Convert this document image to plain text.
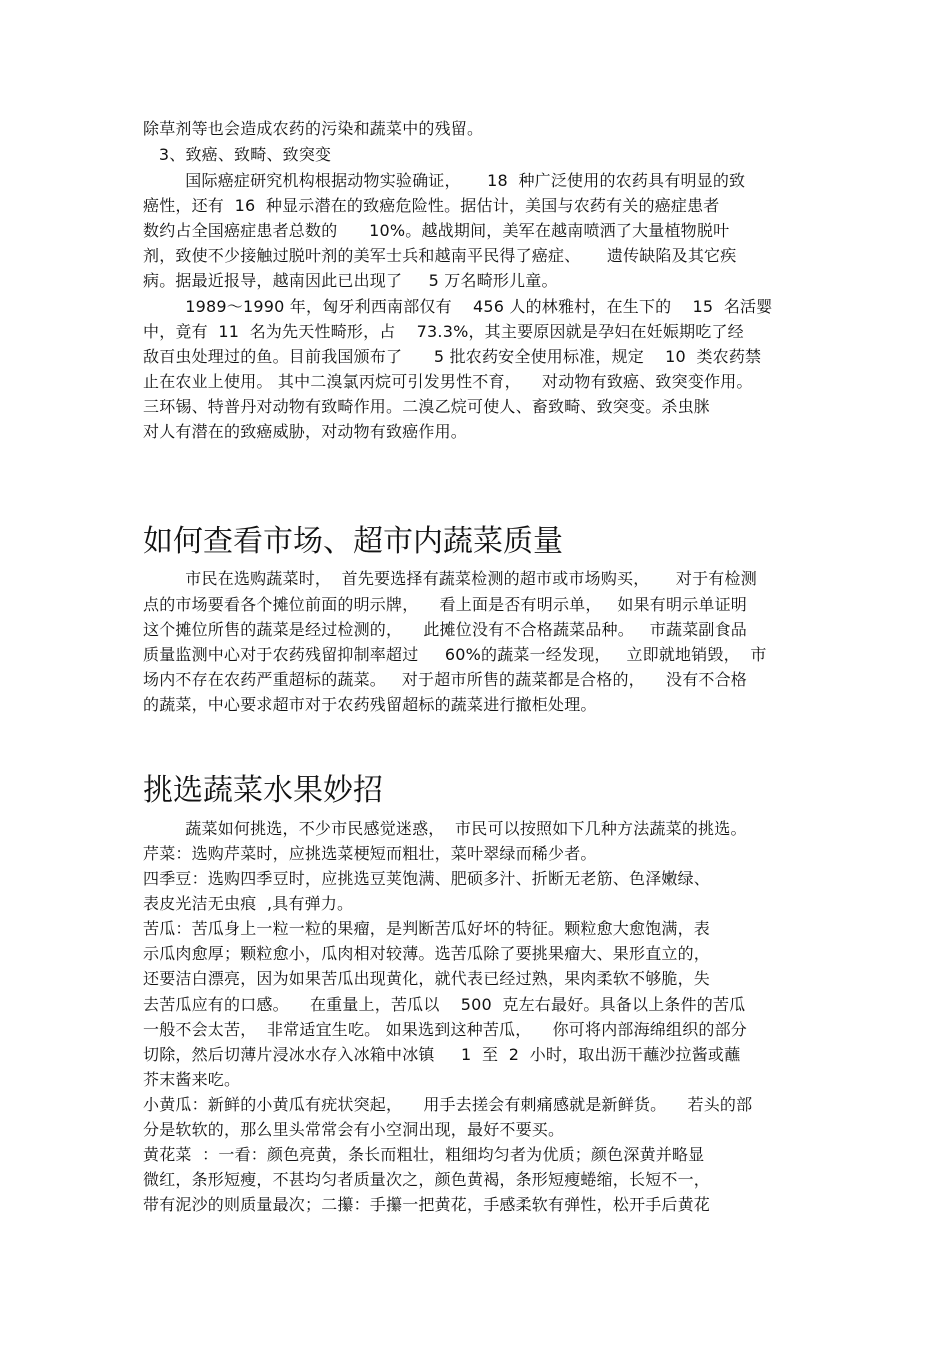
除草剂等也会造成农药的污染和蔬菜中的残留。
3、致癌、致畸、致突变
国际癌症研究机构根据动物实验确证，     18  种广泛使用的农药具有明显的致
癌性，还有  16  种显示潜在的致癌危险性。据估计，美国与农药有关的癌症患者
数约占全国癌症患者总数的      10%。越战期间，美军在越南喷洒了大量植物脱叶
剂，致使不少接触过脱叶剂的美军士兵和越南平民得了癌症、     遗传缺陷及其它疾
病。据最近报导，越南因此已出现了     5 万名畸形儿童。
1989～1990 年，匈牙利西南部仅有    456 人的林雅村，在生下的    15  名活婴
中，竟有  11  名为先天性畸形，占    73.3%，其主要原因就是孕妇在妊娠期吃了经
敌百虫处理过的鱼。目前我国颁布了      5 批农药安全使用标准，规定    10  类农药禁
止在农业上使用。 其中二溴氯丙烷可引发男性不育，    对动物有致癌、致突变作用。
三环锡、特普丹对动物有致畸作用。二溴乙烷可使人、畜致畸、致突变。杀虫脒
对人有潜在的致癌威胁，对动物有致癌作用。
如何查看市场、超市内蔬菜质量
市民在选购蔬菜时，  首先要选择有蔬菜检测的超市或市场购买，     对于有检测
点的市场要看各个摊位前面的明示牌，    看上面是否有明示单，   如果有明示单证明
这个摊位所售的蔬菜是经过检测的，    此摊位没有不合格蔬菜品种。   市蔬菜副食品
质量监测中心对于农药残留抑制率超过     60%的蔬菜一经发现，   立即就地销毁，  市
场内不存在农药严重超标的蔬菜。   对于超市所售的蔬菜都是合格的，    没有不合格
的蔬菜，中心要求超市对于农药残留超标的蔬菜进行撤柜处理。
挑选蔬菜水果妙招
蔬菜如何挑选，不少市民感觉迷惑，  市民可以按照如下几种方法蔬菜的挑选。
芹菜：选购芹菜时，应挑选菜梗短而粗壮，菜叶翠绿而稀少者。
四季豆：选购四季豆时，应挑选豆荚饱满、肥硕多汁、折断无老筋、色泽嫩绿、
表皮光洁无虫痕  ,具有弹力。
苦瓜：苦瓜身上一粒一粒的果瘤，是判断苦瓜好坏的特征。颗粒愈大愈饱满，表
示瓜肉愈厚；颗粒愈小，瓜肉相对较薄。选苦瓜除了要挑果瘤大、果形直立的，
还要洁白漂亮，因为如果苦瓜出现黄化，就代表已经过熟，果肉柔软不够脆，失
去苦瓜应有的口感。    在重量上，苦瓜以    500  克左右最好。具备以上条件的苦瓜
一般不会太苦，  非常适宜生吃。 如果选到这种苦瓜，    你可将内部海绵组织的部分
切除，然后切薄片浸冰水存入冰箱中冰镇     1  至  2  小时，取出沥干蘸沙拉酱或蘸
芥末酱来吃。
小黄瓜：新鲜的小黄瓜有疣状突起，    用手去搓会有刺痛感就是新鲜货。    若头的部
分是软软的，那么里头常常会有小空洞出现，最好不要买。
黄花菜  ：一看：颜色亮黄，条长而粗壮，粗细均匀者为优质；颜色深黄并略显
微红，条形短瘦，不甚均匀者质量次之，颜色黄褐，条形短瘦蜷缩，长短不一，
带有泥沙的则质量最次；二攥：手攥一把黄花，手感柔软有弹性，松开手后黄花
